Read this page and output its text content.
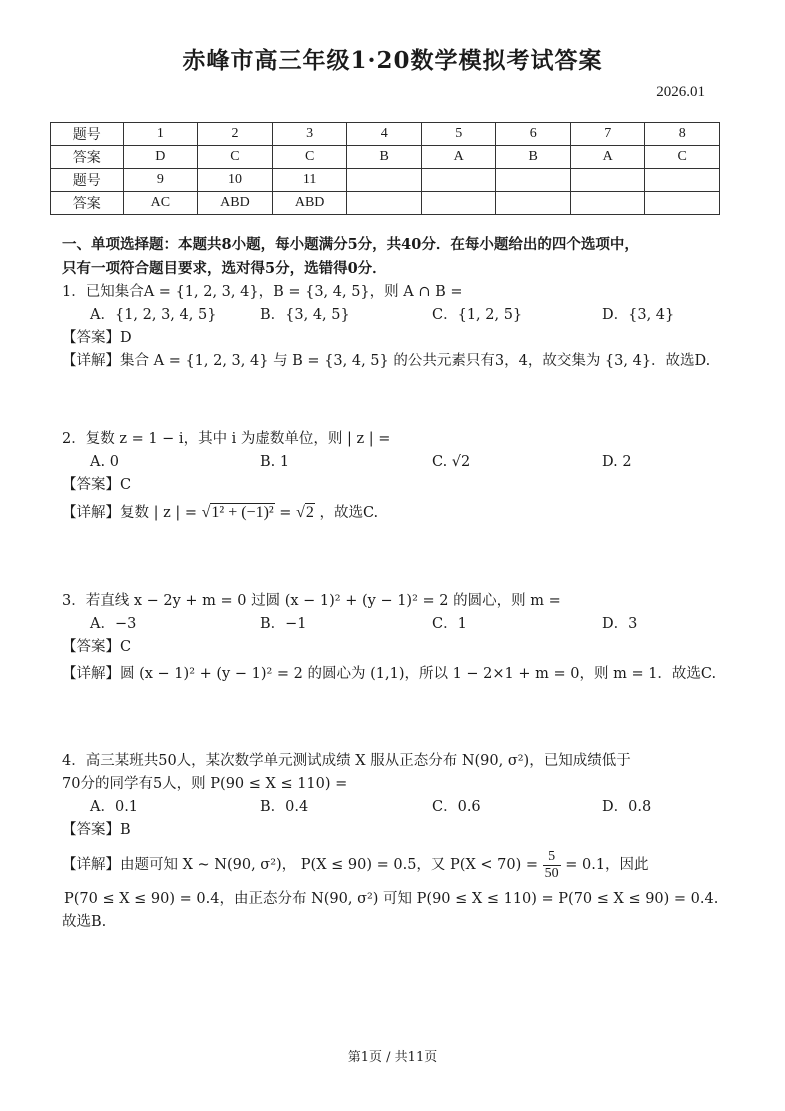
赤峰市高三年级1·20数学模拟考试答案
2026.01
题号	1	2	3	4	5	6	7	8
答案	D	C	C	B	A	B	A	C
题号	9	10	11					
答案	AC	ABD	ABD					
一、单项选择题：本题共8小题，每小题满分5分，共40分．在每小题给出的四个选项中，
只有一项符合题目要求，选对得5分，选错得0分．
1．已知集合A = {1, 2, 3, 4}，B = {3, 4, 5}，则 A ∩ B =
A．{1, 2, 3, 4, 5}	B．{3, 4, 5}	C．{1, 2, 5}	D．{3, 4}
【答案】D
【详解】集合 A = {1, 2, 3, 4} 与 B = {3, 4, 5} 的公共元素只有3，4，故交集为 {3, 4}．故选D.
2．复数 z = 1 − i，其中 i 为虚数单位，则 | z | =
A. 0	B. 1	C. √2	D. 2
【答案】C
【详解】复数 | z | = √1² + (−1)² = √2 ，故选C.
3．若直线 x − 2y + m = 0 过圆 (x − 1)² + (y − 1)² = 2 的圆心，则 m =
A．−3	B．−1	C．1	D．3
【答案】C
【详解】圆 (x − 1)² + (y − 1)² = 2 的圆心为 (1,1)，所以 1 − 2×1 + m = 0，则 m = 1．故选C.
4．高三某班共50人，某次数学单元测试成绩 X 服从正态分布 N(90, σ²)，已知成绩低于
70分的同学有5人，则 P(90 ≤ X ≤ 110) =
A．0.1	B．0.4	C．0.6	D．0.8
【答案】B
【详解】由题可知 X ~ N(90, σ²)， P(X ≤ 90) = 0.5，又 $P(X < 70) = \frac{5}{50} = 0.1$，因此
P(70 ≤ X ≤ 90) = 0.4，由正态分布 N(90, σ²) 可知 P(90 ≤ X ≤ 110) = P(70 ≤ X ≤ 90) = 0.4.
故选B.
第1页 / 共11页
